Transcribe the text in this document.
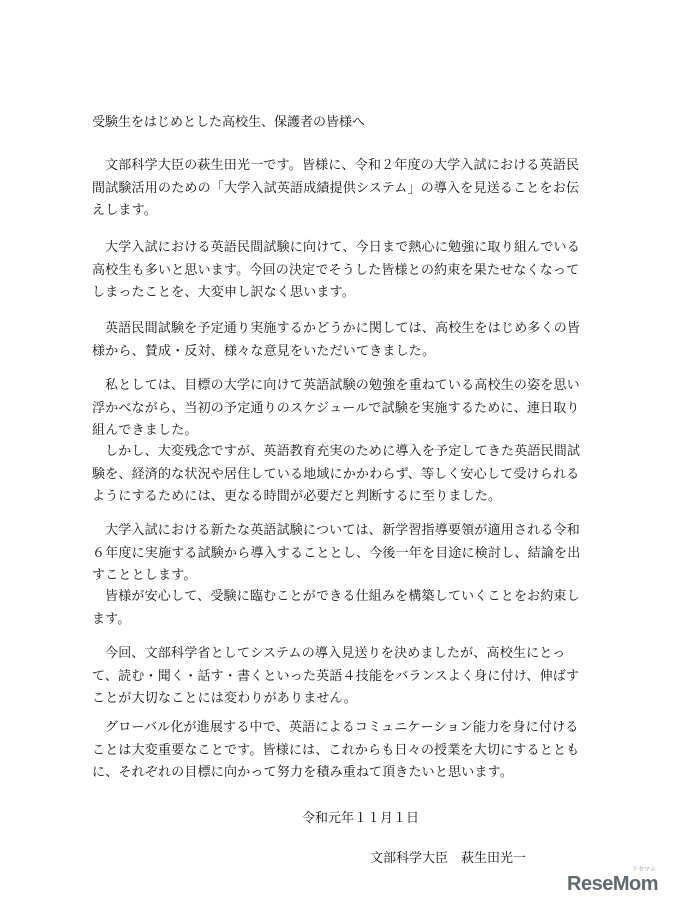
受験生をはじめとした高校生、保護者の皆様へ

文部科学大臣の萩生田光一です。皆様に、令和２年度の大学入試における英語民間試験活用のための「大学入試英語成績提供システム」の導入を見送ることをお伝えします。

大学入試における英語民間試験に向けて、今日まで熱心に勉強に取り組んでいる高校生も多いと思います。今回の決定でそうした皆様との約束を果たせなくなってしまったことを、大変申し訳なく思います。

英語民間試験を予定通り実施するかどうかに関しては、高校生をはじめ多くの皆様から、賛成・反対、様々な意見をいただいてきました。

私としては、目標の大学に向けて英語試験の勉強を重ねている高校生の姿を思い浮かべながら、当初の予定通りのスケジュールで試験を実施するために、連日取り組んできました。

しかし、大変残念ですが、英語教育充実のために導入を予定してきた英語民間試験を、経済的な状況や居住している地域にかかわらず、等しく安心して受けられるようにするためには、更なる時間が必要だと判断するに至りました。

大学入試における新たな英語試験については、新学習指導要領が適用される令和６年度に実施する試験から導入することとし、今後一年を目途に検討し、結論を出すこととします。

皆様が安心して、受験に臨むことができる仕組みを構築していくことをお約束します。

今回、文部科学省としてシステムの導入見送りを決めましたが、高校生にとって、読む・聞く・話す・書くといった英語４技能をバランスよく身に付け、伸ばすことが大切なことには変わりがありません。

グローバル化が進展する中で、英語によるコミュニケーション能力を身に付けることは大変重要なことです。皆様には、これからも日々の授業を大切にするとともに、それぞれの目標に向かって努力を積み重ねて頂きたいと思います。

令和元年１１月１日
文部科学大臣　萩生田光一
ReseMom
リセマム
